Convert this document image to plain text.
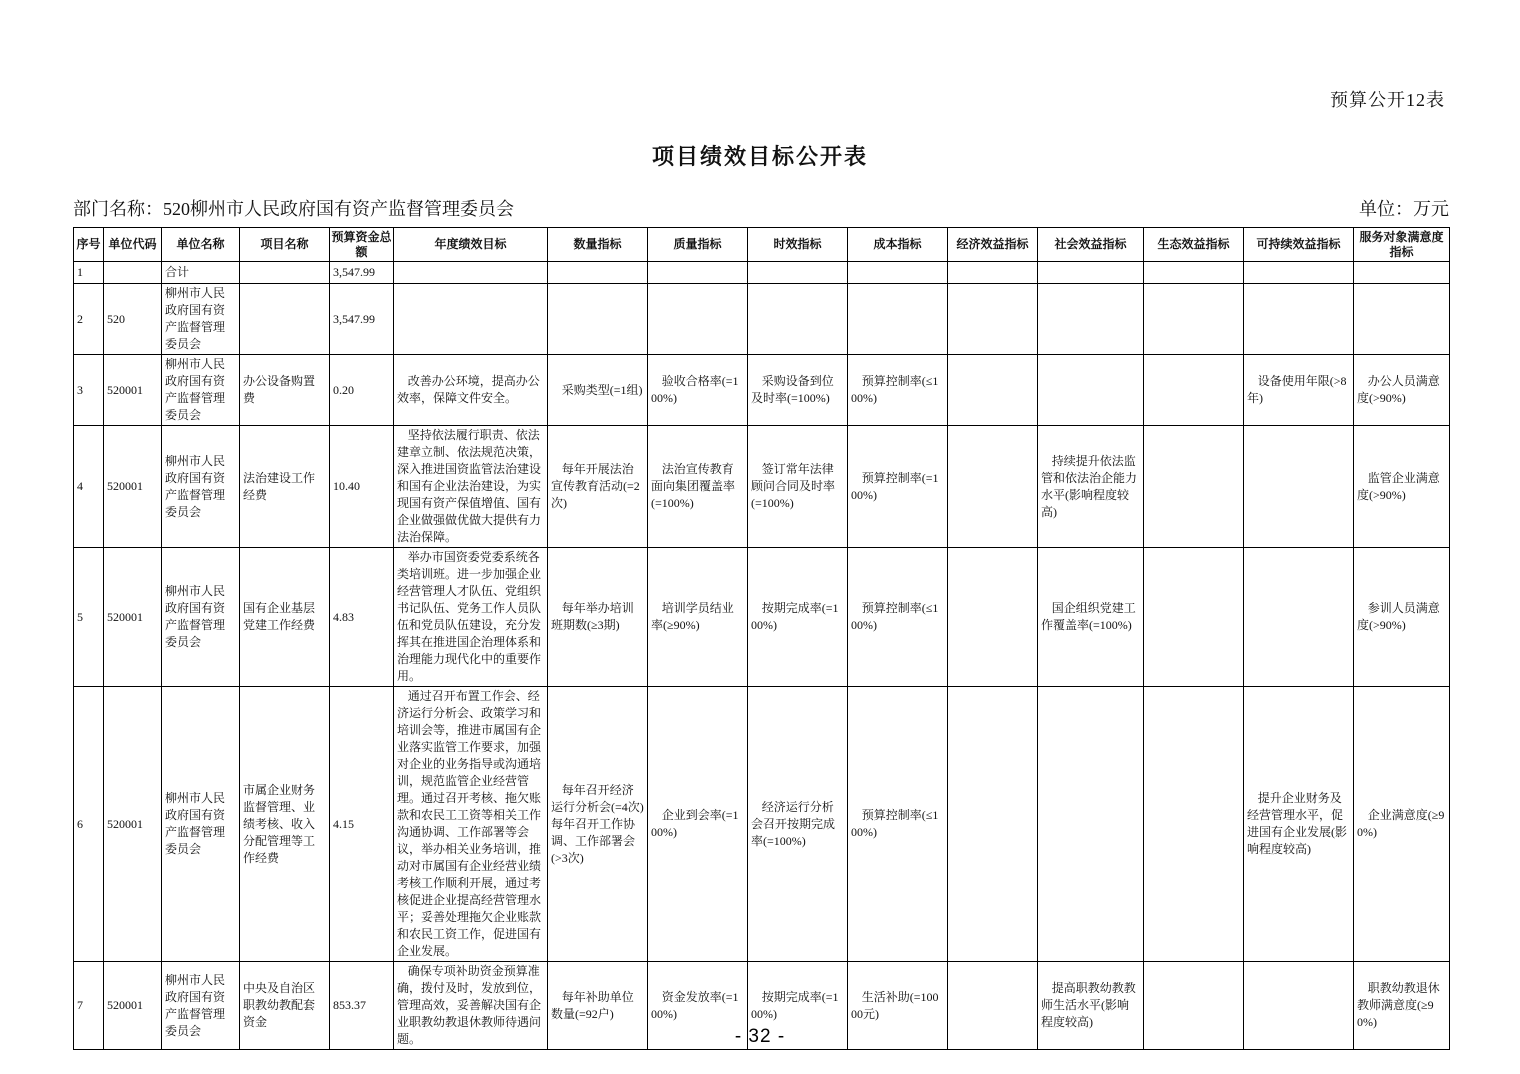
预算公开12表
项目绩效目标公开表
部门名称：520柳州市人民政府国有资产监督管理委员会	单位：万元
序号	单位代码	单位名称	项目名称	预算资金总额	年度绩效目标	数量指标	质量指标	时效指标	成本指标	经济效益指标	社会效益指标	生态效益指标	可持续效益指标	服务对象满意度指标
1		合计		3,547.99										
2	520	柳州市人民政府国有资产监督管理委员会		3,547.99										
3	520001	柳州市人民政府国有资产监督管理委员会	办公设备购置费	0.20	改善办公环境，提高办公效率，保障文件安全。	采购类型(=1组)	验收合格率(=100%)	采购设备到位及时率(=100%)	预算控制率(≤100%)				设备使用年限(>8年)	办公人员满意度(>90%)
4	520001	柳州市人民政府国有资产监督管理委员会	法治建设工作经费	10.40	坚持依法履行职责、依法建章立制、依法规范决策，深入推进国资监管法治建设和国有企业法治建设，为实现国有资产保值增值、国有企业做强做优做大提供有力法治保障。	每年开展法治宣传教育活动(=2次)	法治宣传教育面向集团覆盖率(=100%)	签订常年法律顾问合同及时率(=100%)	预算控制率(=100%)		持续提升依法监管和依法治企能力水平(影响程度较高)			监管企业满意度(>90%)
5	520001	柳州市人民政府国有资产监督管理委员会	国有企业基层党建工作经费	4.83	举办市国资委党委系统各类培训班。进一步加强企业经营管理人才队伍、党组织书记队伍、党务工作人员队伍和党员队伍建设，充分发挥其在推进国企治理体系和治理能力现代化中的重要作用。	每年举办培训班期数(≥3期)	培训学员结业率(≥90%)	按期完成率(=100%)	预算控制率(≤100%)		国企组织党建工作覆盖率(=100%)			参训人员满意度(>90%)
6	520001	柳州市人民政府国有资产监督管理委员会	市属企业财务监督管理、业绩考核、收入分配管理等工作经费	4.15	通过召开布置工作会、经济运行分析会、政策学习和培训会等，推进市属国有企业落实监管工作要求，加强对企业的业务指导或沟通培训，规范监管企业经营管理。通过召开考核、拖欠账款和农民工工资等相关工作沟通协调、工作部署等会议，举办相关业务培训，推动对市属国有企业经营业绩考核工作顺利开展，通过考核促进企业提高经营管理水平；妥善处理拖欠企业账款和农民工资工作，促进国有企业发展。	每年召开经济运行分析会(=4次) 每年召开工作协调、工作部署会(>3次)	企业到会率(=100%)	经济运行分析会召开按期完成率(=100%)	预算控制率(≤100%)				提升企业财务及经营管理水平，促进国有企业发展(影响程度较高)	企业满意度(≥90%)
7	520001	柳州市人民政府国有资产监督管理委员会	中央及自治区职教幼教配套资金	853.37	确保专项补助资金预算准确，拨付及时，发放到位，管理高效，妥善解决国有企业职教幼教退休教师待遇问题。	每年补助单位数量(=92户)	资金发放率(=100%)	按期完成率(=100%)	生活补助(=10000元)		提高职教幼教教师生活水平(影响程度较高)			职教幼教退休教师满意度(≥90%)
- 32 -
